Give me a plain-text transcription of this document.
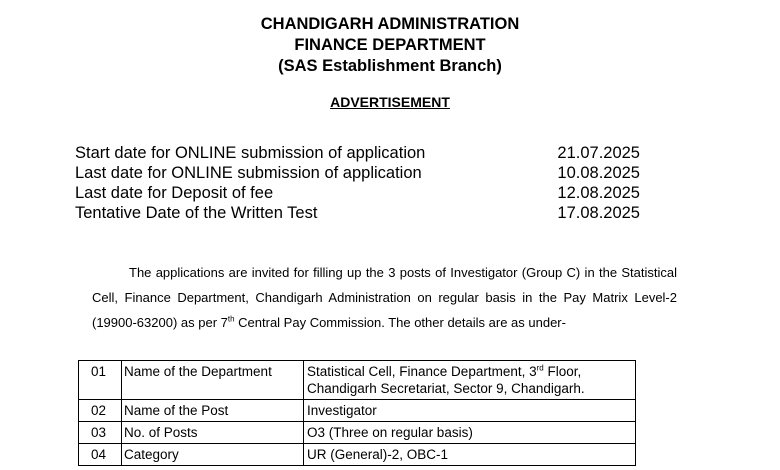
CHANDIGARH ADMINISTRATION
FINANCE DEPARTMENT
(SAS Establishment Branch)
ADVERTISEMENT
Start date for ONLINE submission of application	21.07.2025
Last date for ONLINE submission of application	10.08.2025
Last date for Deposit of fee	12.08.2025
Tentative Date of the Written Test	17.08.2025
The applications are invited for filling up the 3 posts of Investigator (Group C) in the Statistical Cell, Finance Department, Chandigarh Administration on regular basis in the Pay Matrix Level-2 (19900-63200) as per 7th Central Pay Commission. The other details are as under-
01	Name of the Department	Statistical Cell, Finance Department, 3rd Floor, Chandigarh Secretariat, Sector 9, Chandigarh.
02	Name of the Post	Investigator
03	No. of Posts	O3 (Three on regular basis)
04	Category	UR (General)-2, OBC-1
